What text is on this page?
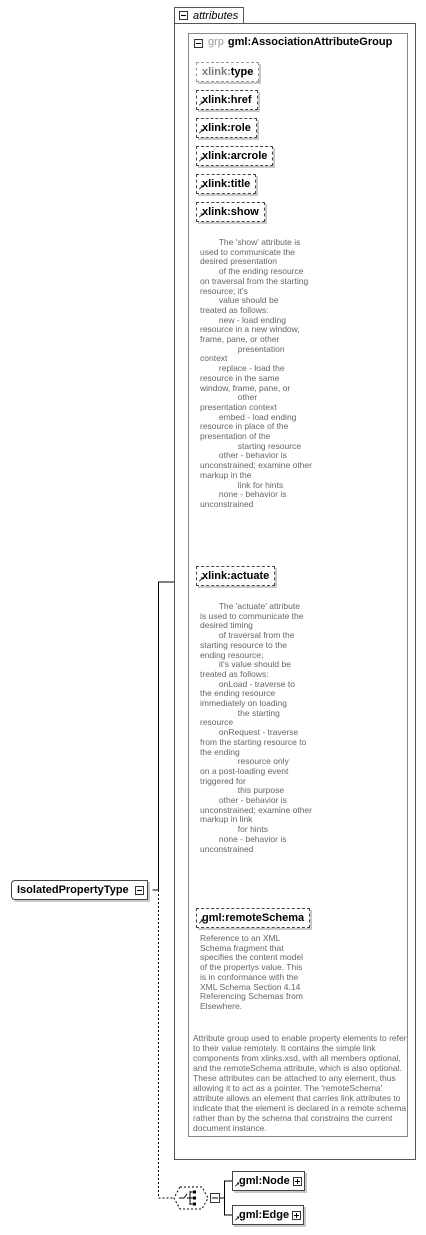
IsolatedPropertyType
attributes
grp gml:AssociationAttributeGroup
xlink:type
↗
xlink:href
↗
xlink:role
↗
xlink:arcrole
↗
xlink:title
↗
xlink:show
The 'show' attribute is
used to communicate the
desired presentation
of the ending resource
on traversal from the starting
resource; it's
value should be
treated as follows:
new - load ending
resource in a new window,
frame, pane, or other
presentation
context
replace - load the
resource in the same
window, frame, pane, or
other
presentation context
embed - load ending
resource in place of the
presentation of the
starting resource
other - behavior is
unconstrained; examine other
markup in the
link for hints
none - behavior is
unconstrained
↗
xlink:actuate
The 'actuate' attribute
is used to communicate the
desired timing
of traversal from the
starting resource to the
ending resource;
it's value should be
treated as follows:
onLoad - traverse to
the ending resource
immediately on loading
the starting
resource
onRequest - traverse
from the starting resource to
the ending
resource only
on a post-loading event
triggered for
this purpose
other - behavior is
unconstrained; examine other
markup in link
for hints
none - behavior is
unconstrained
↗
gml:remoteSchema
Reference to an XML
Schema fragment that
specifies the content model
of the propertys value. This
is in conformance with the
XML Schema Section 4.14
Referencing Schemas from
Elsewhere.
Attribute group used to enable property elements to refer to their value remotely. It contains the simple link components from xlinks.xsd, with all members optional, and the remoteSchema attribute, which is also optional. These attributes can be attached to any element, thus allowing it to act as a pointer. The 'remoteSchema' attribute allows an element that carries link attributes to indicate that the element is declared in a remote schema rather than by the schema that constrains the current document instance.
↗ gml:Node
↗ gml:Edge
